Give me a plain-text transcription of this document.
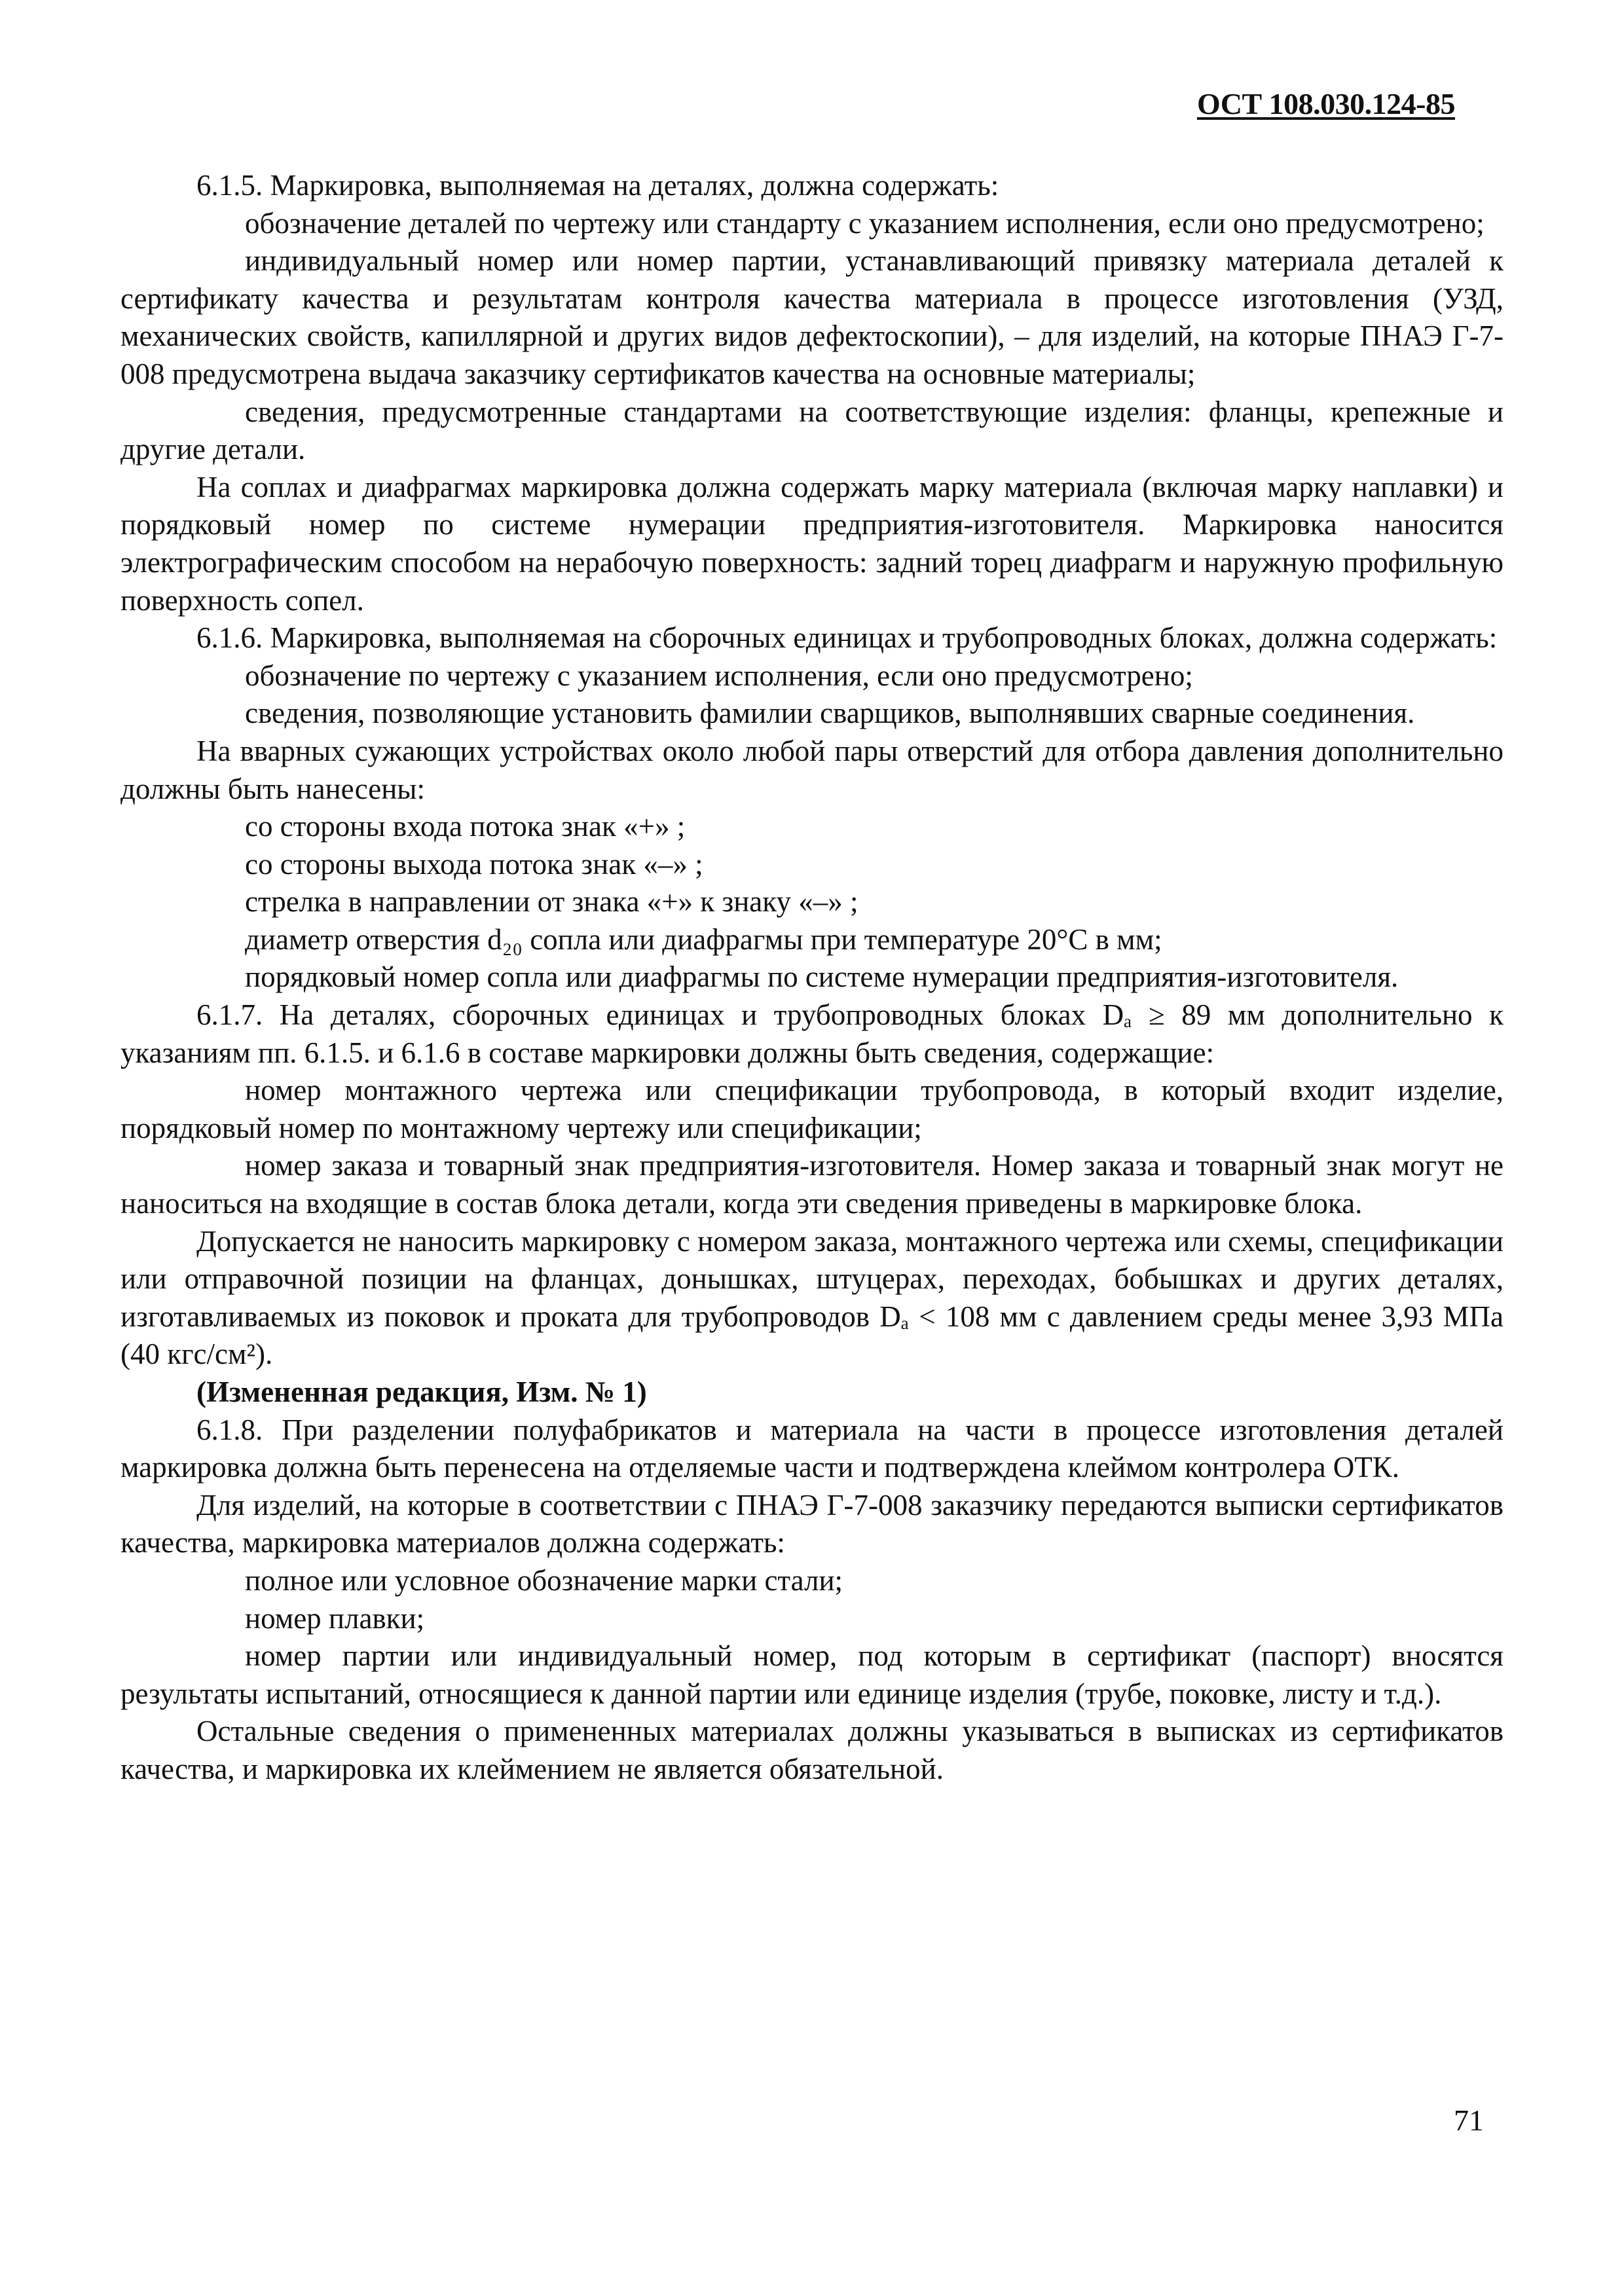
ОСТ 108.030.124-85

6.1.5. Маркировка, выполняемая на деталях, должна содержать:

обозначение деталей по чертежу или стандарту с указанием исполнения, если оно предусмотрено;

индивидуальный номер или номер партии, устанавливающий привязку материала деталей к сертификату качества и результатам контроля качества материала в процессе изготовления (УЗД, механических свойств, капиллярной и других видов дефектоскопии), – для изделий, на которые ПНАЭ Г-7-008 предусмотрена выдача заказчику сертификатов качества на основные материалы;

сведения, предусмотренные стандартами на соответствующие изделия: фланцы, крепежные и другие детали.

На соплах и диафрагмах маркировка должна содержать марку материала (включая марку наплавки) и порядковый номер по системе нумерации предприятия-изготовителя. Маркировка наносится электрографическим способом на нерабочую поверхность: задний торец диафрагм и наружную профильную поверхность сопел.

6.1.6. Маркировка, выполняемая на сборочных единицах и трубопроводных блоках, должна содержать:

обозначение по чертежу с указанием исполнения, если оно предусмотрено;

сведения, позволяющие установить фамилии сварщиков, выполнявших сварные соединения.

На вварных сужающих устройствах около любой пары отверстий для отбора давления дополнительно должны быть нанесены:

со стороны входа потока знак «+» ;

со стороны выхода потока знак «–» ;

стрелка в направлении от знака «+» к знаку «–» ;

диаметр отверстия d₂₀ сопла или диафрагмы при температуре 20°С в мм;

порядковый номер сопла или диафрагмы по системе нумерации предприятия-изготовителя.

6.1.7. На деталях, сборочных единицах и трубопроводных блоках Dₐ ≥ 89 мм дополнительно к указаниям пп. 6.1.5. и 6.1.6 в составе маркировки должны быть сведения, содержащие:

номер монтажного чертежа или спецификации трубопровода, в который входит изделие, порядковый номер по монтажному чертежу или спецификации;

номер заказа и товарный знак предприятия-изготовителя. Номер заказа и товарный знак могут не наноситься на входящие в состав блока детали, когда эти сведения приведены в маркировке блока.

Допускается не наносить маркировку с номером заказа, монтажного чертежа или схемы, спецификации или отправочной позиции на фланцах, донышках, штуцерах, переходах, бобышках и других деталях, изготавливаемых из поковок и проката для трубопроводов Dₐ < 108 мм с давлением среды менее 3,93 МПа (40 кгс/см²).

(Измененная редакция, Изм. № 1)

6.1.8. При разделении полуфабрикатов и материала на части в процессе изготовления деталей маркировка должна быть перенесена на отделяемые части и подтверждена клеймом контролера ОТК.

Для изделий, на которые в соответствии с ПНАЭ Г-7-008 заказчику передаются выписки сертификатов качества, маркировка материалов должна содержать:

полное или условное обозначение марки стали;

номер плавки;

номер партии или индивидуальный номер, под которым в сертификат (паспорт) вносятся результаты испытаний, относящиеся к данной партии или единице изделия (трубе, поковке, листу и т.д.).

Остальные сведения о примененных материалах должны указываться в выписках из сертификатов качества, и маркировка их клеймением не является обязательной.

71
